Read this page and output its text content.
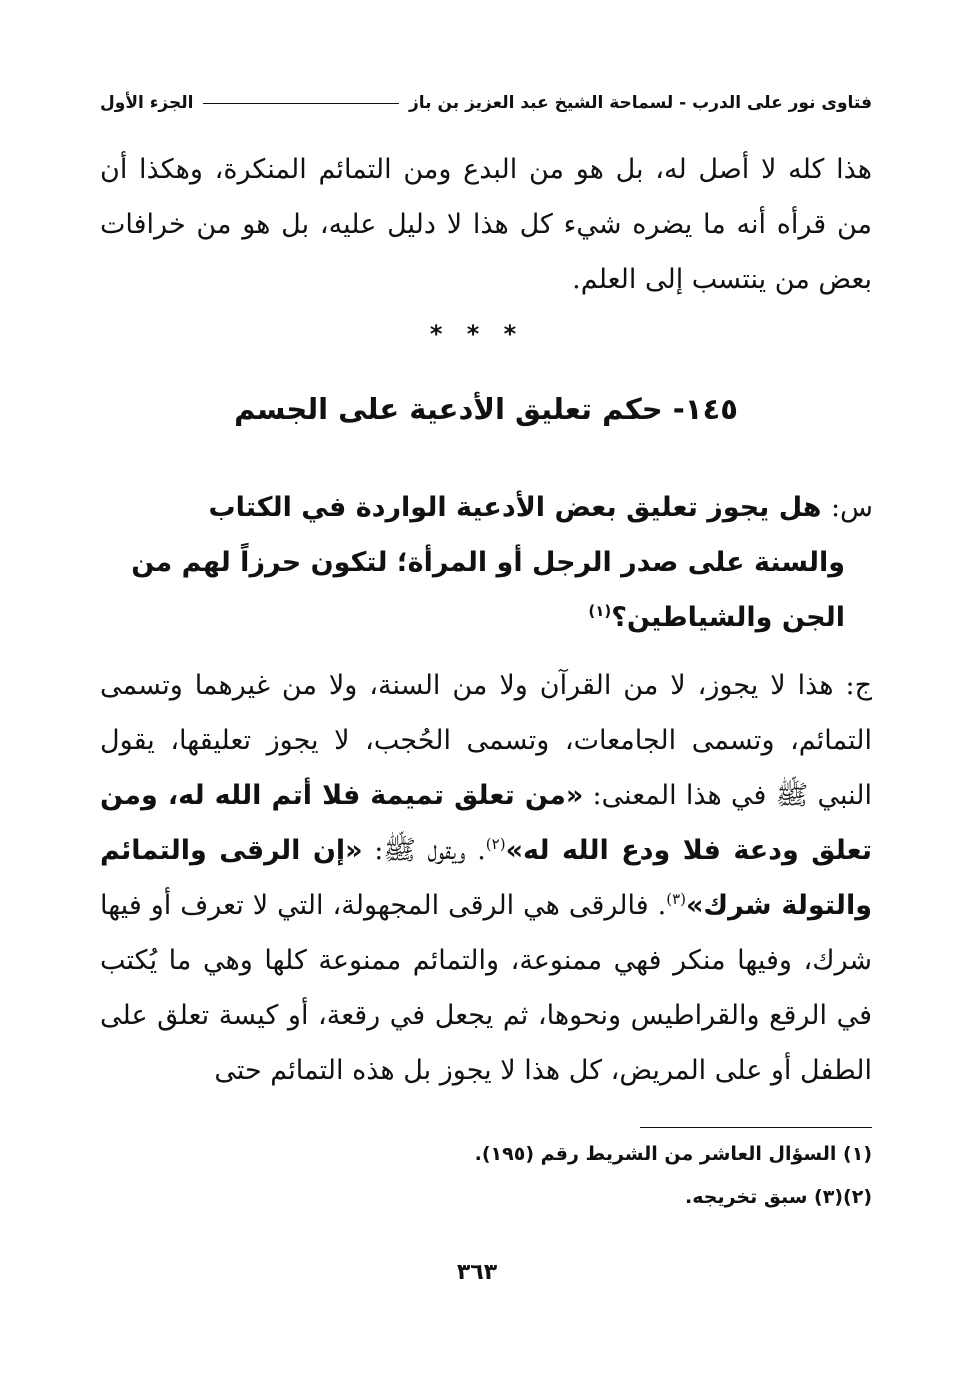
فتاوى نور على الدرب - لسماحة الشيخ عبد العزيز بن باز
الجزء الأول

هذا كله لا أصل له، بل هو من البدع ومن التمائم المنكرة، وهكذا أن من قرأه أنه ما يضره شيء كل هذا لا دليل عليه، بل هو من خرافات بعض من ينتسب إلى العلم.

* * *
١٤٥- حكم تعليق الأدعية على الجسم

س: هل يجوز تعليق بعض الأدعية الواردة في الكتاب والسنة على صدر الرجل أو المرأة؛ لتكون حرزاً لهم من الجن والشياطين؟$^{(١)}$

ج: هذا لا يجوز، لا من القرآن ولا من السنة، ولا من غيرهما وتسمى التمائم، وتسمى الجامعات، وتسمى الحُجب، لا يجوز تعليقها، يقول النبي ﷺ في هذا المعنى: «من تعلق تميمة فلا أتم الله له، ومن تعلق ودعة فلا ودع الله له»$^{(٢)}$. ويقول ﷺ: «إن الرقى والتمائم والتولة شرك»$^{(٣)}$. فالرقى هي الرقى المجهولة، التي لا تعرف أو فيها شرك، وفيها منكر فهي ممنوعة، والتمائم ممنوعة كلها وهي ما يُكتب في الرقع والقراطيس ونحوها، ثم يجعل في رقعة، أو كيسة تعلق على الطفل أو على المريض، كل هذا لا يجوز بل هذه التمائم حتى

(١) السؤال العاشر من الشريط رقم (١٩٥).

(٢)(٣) سبق تخريجه.

٣٦٣
